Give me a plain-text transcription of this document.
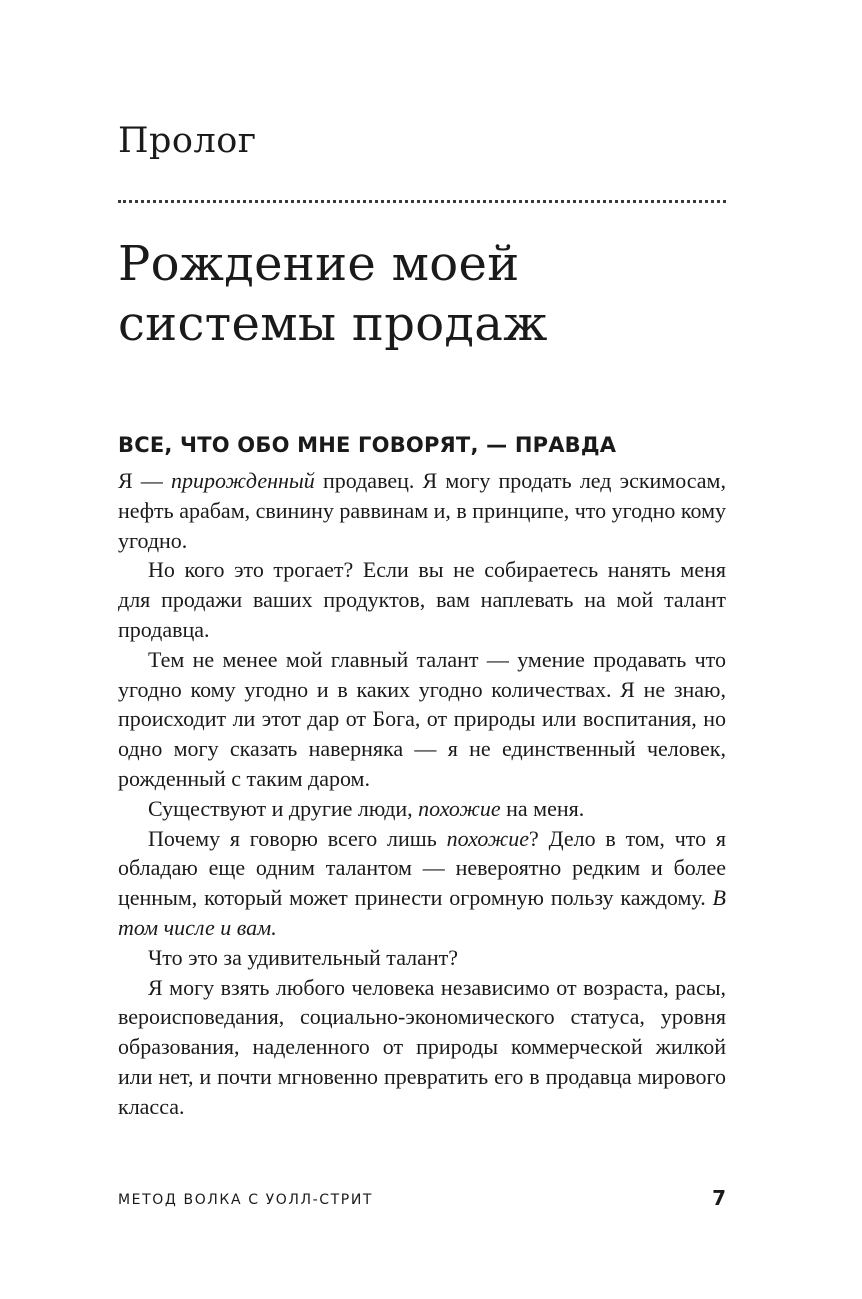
Пролог
Рождение моей
системы продаж
ВСЕ, ЧТО ОБО МНЕ ГОВОРЯТ, — ПРАВДА

Я — прирожденный продавец. Я могу продать лед эскимосам, нефть арабам, свинину раввинам и, в принципе, что угодно кому угодно.

Но кого это трогает? Если вы не собираетесь нанять меня для продажи ваших продуктов, вам наплевать на мой талант продавца.

Тем не менее мой главный талант — умение продавать что угодно кому угодно и в каких угодно количествах. Я не знаю, происходит ли этот дар от Бога, от природы или воспитания, но одно могу сказать наверняка — я не единственный человек, рожденный с таким даром.

Существуют и другие люди, похожие на меня.

Почему я говорю всего лишь похожие? Дело в том, что я обладаю еще одним талантом — невероятно редким и более ценным, который может принести огромную пользу каждому. В том числе и вам.

Что это за удивительный талант?

Я могу взять любого человека независимо от возраста, расы, вероисповедания, социально-экономического статуса, уровня образования, наделенного от природы коммерческой жилкой или нет, и почти мгновенно превратить его в продавца мирового класса.

МЕТОД ВОЛКА С УОЛЛ-СТРИТ	7
